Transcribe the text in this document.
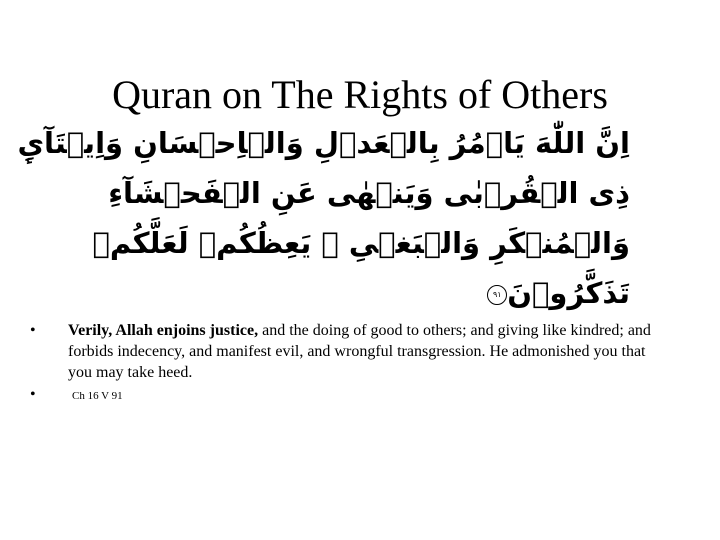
Quran on The Rights of Others
اِنَّ اللّٰهَ يَاۡمُرُ بِالۡعَدۡلِ وَالۡاِحۡسَانِ وَاِيۡتَآىِٕ
ذِى الۡقُرۡبٰى وَيَنۡهٰى عَنِ الۡفَحۡشَآءِ
وَالۡمُنۡكَرِ وَالۡبَغۡىِ‌ ۚ يَعِظُكُمۡ لَعَلَّكُمۡ
تَذَكَّرُوۡنَ٩١
• Verily, Allah enjoins justice, and the doing of good to others; and giving like kindred; and forbids indecency, and manifest evil, and wrongful transgression. He admonished you that you may take heed.
•	Ch 16 V 91
